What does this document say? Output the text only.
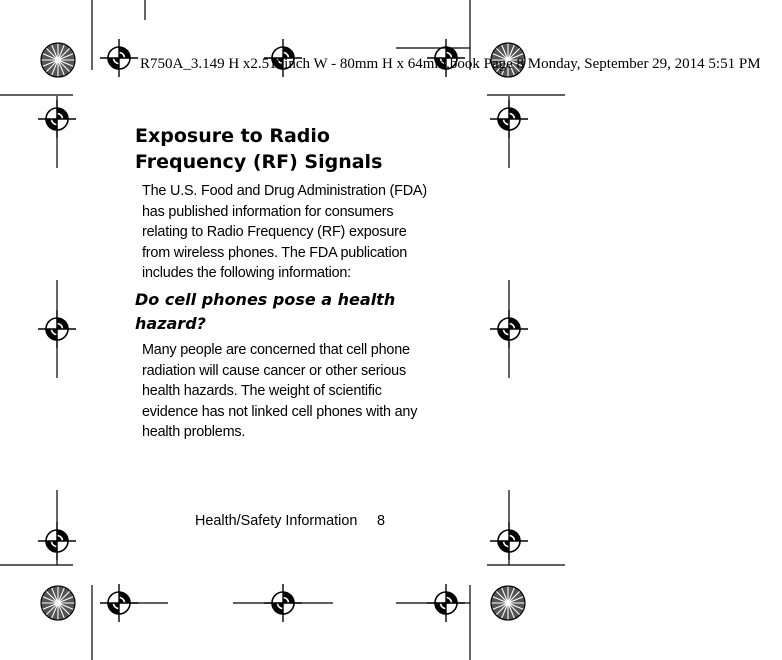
R750A_3.149 H x2.519inch W - 80mm H x 64mm.book Page 8 Monday, September 29, 2014 5:51 PM
Exposure to Radio Frequency (RF) Signals

The U.S. Food and Drug Administration (FDA) has published information for consumers relating to Radio Frequency (RF) exposure from wireless phones. The FDA publication includes the following information:

Do cell phones pose a health hazard?

Many people are concerned that cell phone radiation will cause cancer or other serious health hazards. The weight of scientific evidence has not linked cell phones with any health problems.

Health/Safety Information 8
